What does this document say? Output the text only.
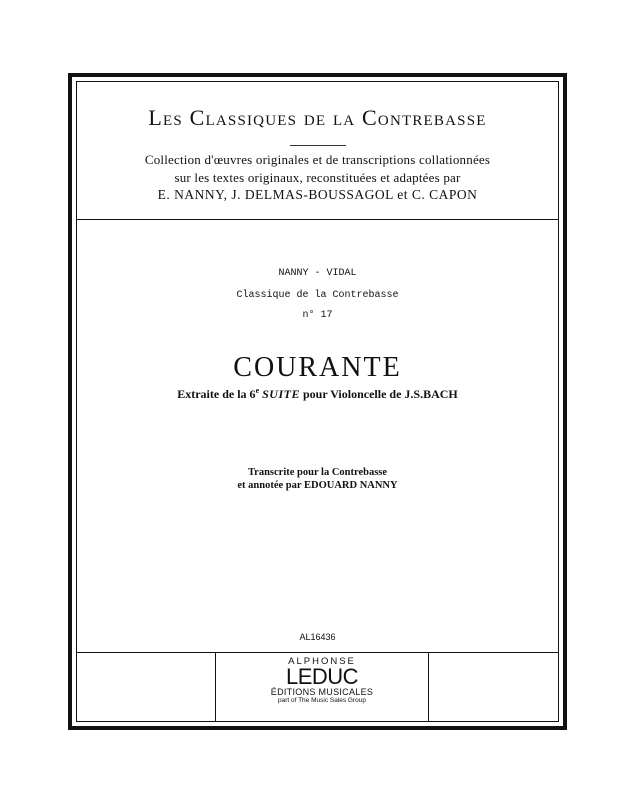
Les Classiques de la Contrebasse
Collection d'œuvres originales et de transcriptions collationnées
sur les textes originaux, reconstituées et adaptées par
E. NANNY, J. DELMAS-BOUSSAGOL et C. CAPON
NANNY - VIDAL
Classique de la Contrebasse
n° 17
COURANTE
Extraite de la 6e SUITE pour Violoncelle de J.S.BACH
Transcrite pour la Contrebasse
et annotée par EDOUARD NANNY
AL16436
ALPHONSE
LEDUC
ÉDITIONS MUSICALES
part of The Music Sales Group
